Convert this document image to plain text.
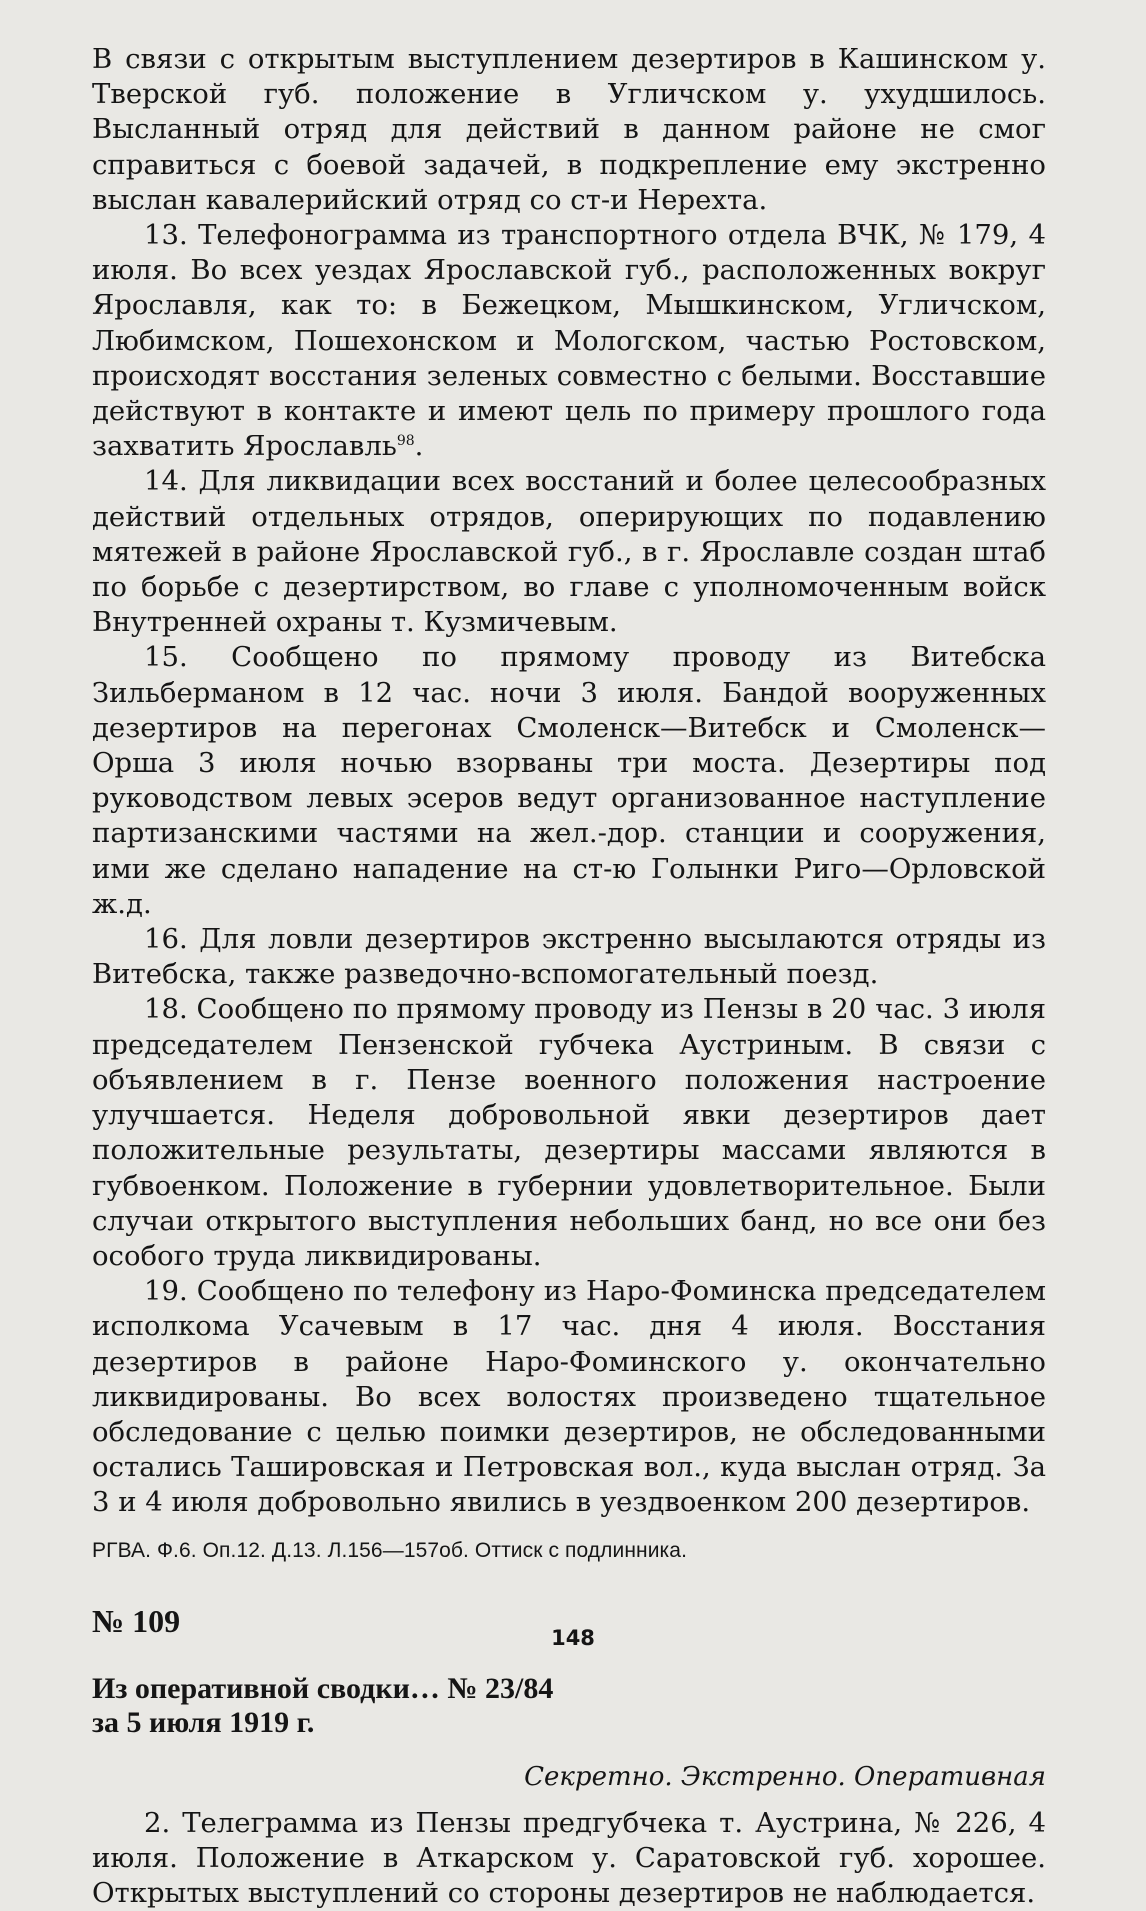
В связи с открытым выступлением дезертиров в Кашинском у. Тверской губ. положение в Угличском у. ухудшилось. Высланный отряд для действий в данном районе не смог справиться с боевой задачей, в подкрепление ему экстренно выслан кавалерийский отряд со ст-и Нерехта.

13. Телефонограмма из транспортного отдела ВЧК, № 179, 4 июля. Во всех уездах Ярославской губ., расположенных вокруг Ярославля, как то: в Бежецком, Мышкинском, Угличском, Любимском, Пошехонском и Мологском, частью Ростовском, происходят восстания зеленых совместно с белыми. Восставшие действуют в контакте и имеют цель по примеру прошлого года захватить Ярославль$^{98}$.

14. Для ликвидации всех восстаний и более целесообразных действий отдельных отрядов, оперирующих по подавлению мятежей в районе Ярославской губ., в г. Ярославле создан штаб по борьбе с дезертирством, во главе с уполномоченным войск Внутренней охраны т. Кузмичевым.

15. Сообщено по прямому проводу из Витебска Зильберманом в 12 час. ночи 3 июля. Бандой вооруженных дезертиров на перегонах Смоленск—Витебск и Смоленск—Орша 3 июля ночью взорваны три моста. Дезертиры под руководством левых эсеров ведут организованное наступление партизанскими частями на жел.-дор. станции и сооружения, ими же сделано нападение на ст-ю Голынки Риго—Орловской ж.д.

16. Для ловли дезертиров экстренно высылаются отряды из Витебска, также разведочно-вспомогательный поезд.

18. Сообщено по прямому проводу из Пензы в 20 час. 3 июля председателем Пензенской губчека Аустриным. В связи с объявлением в г. Пензе военного положения настроение улучшается. Неделя добровольной явки дезертиров дает положительные результаты, дезертиры массами являются в губвоенком. Положение в губернии удовлетворительное. Были случаи открытого выступления небольших банд, но все они без особого труда ликвидированы.

19. Сообщено по телефону из Наро-Фоминска председателем исполкома Усачевым в 17 час. дня 4 июля. Восстания дезертиров в районе Наро-Фоминского у. окончательно ликвидированы. Во всех волостях произведено тщательное обследование с целью поимки дезертиров, не обследованными остались Ташировская и Петровская вол., куда выслан отряд. За 3 и 4 июля добровольно явились в уездвоенком 200 дезертиров.

РГВА. Ф.6. Оп.12. Д.13. Л.156—157об. Оттиск с подлинника.

№ 109

Из оперативной сводки… № 23/84
за 5 июля 1919 г.

Секретно. Экстренно. Оперативная

2. Телеграмма из Пензы предгубчека т. Аустрина, № 226, 4 июля. Положение в Аткарском у. Саратовской губ. хорошее. Открытых выступлений со стороны дезертиров не наблюдается.

148
